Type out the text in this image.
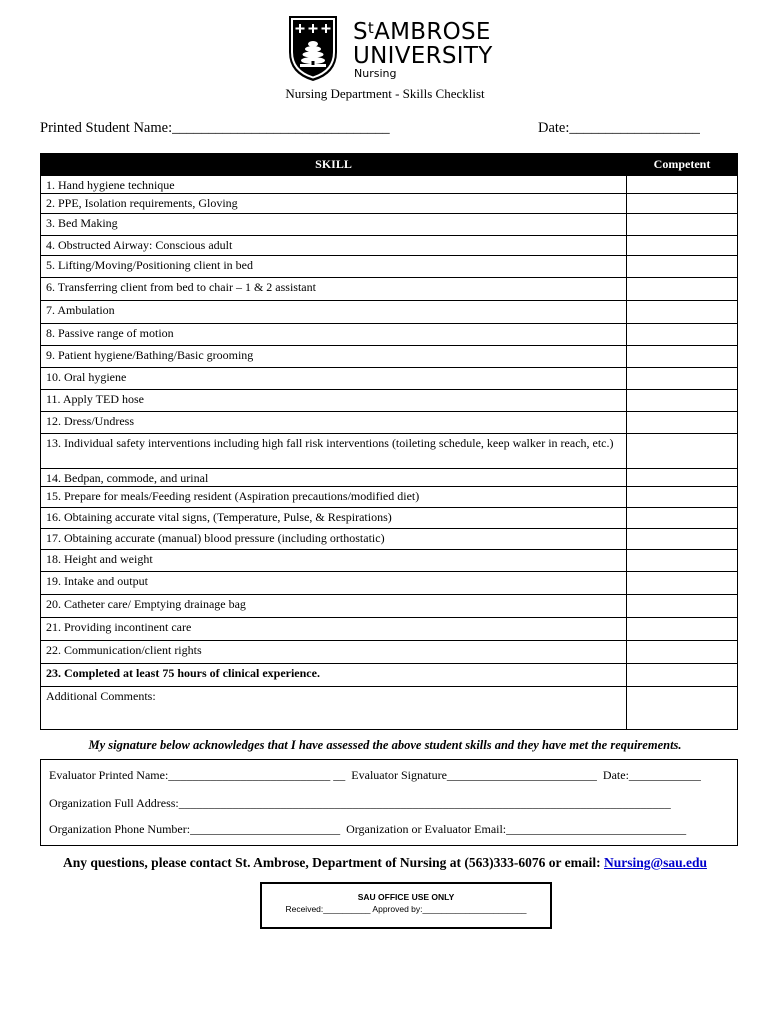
$S^tAMBROSE$
UNIVERSITY
Nursing
Nursing Department - Skills Checklist
Printed Student Name:______________________________	Date:__________________
SKILL	Competent
1. Hand hygiene technique	
2. PPE, Isolation requirements, Gloving	
3. Bed Making	
4. Obstructed Airway: Conscious adult	
5. Lifting/Moving/Positioning client in bed	
6. Transferring client from bed to chair – 1 & 2 assistant	
7. Ambulation	
8. Passive range of motion	
9. Patient hygiene/Bathing/Basic grooming	
10. Oral hygiene	
11. Apply TED hose	
12. Dress/Undress	
13. Individual safety interventions including high fall risk interventions (toileting schedule, keep walker in reach, etc.)	
14. Bedpan, commode, and urinal	
15. Prepare for meals/Feeding resident (Aspiration precautions/modified diet)	
16. Obtaining accurate vital signs, (Temperature, Pulse, & Respirations)	
17. Obtaining accurate (manual) blood pressure (including orthostatic)	
18. Height and weight	
19. Intake and output	
20. Catheter care/ Emptying drainage bag	
21. Providing incontinent care	
22. Communication/client rights	
23. Completed at least 75 hours of clinical experience.	
Additional Comments:	
My signature below acknowledges that I have assessed the above student skills and they have met the requirements.
Evaluator Printed Name:___________________________ __  Evaluator Signature_________________________  Date:____________
Organization Full Address:__________________________________________________________________________________
Organization Phone Number:_________________________  Organization or Evaluator Email:______________________________
Any questions, please contact St. Ambrose, Department of Nursing at (563)333-6076 or email: Nursing@sau.edu
SAU OFFICE USE ONLY
Received:__________ Approved by:______________________
